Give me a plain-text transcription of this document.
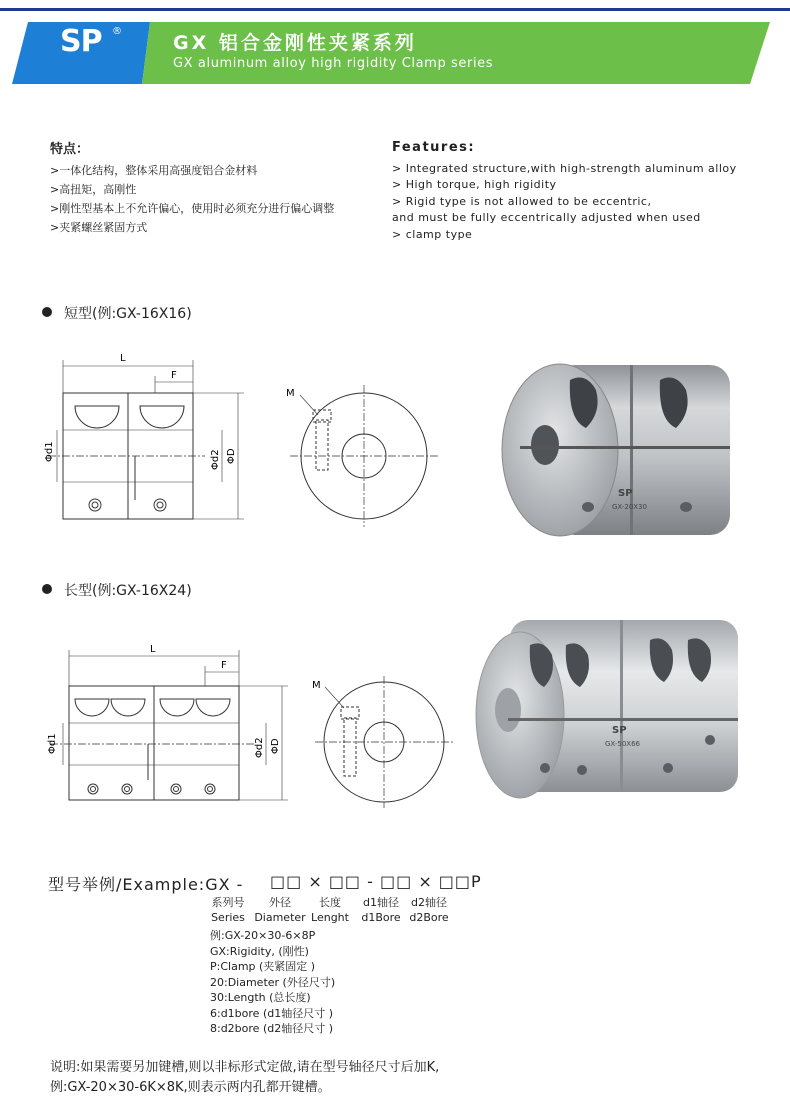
SP ®
GX 铝合金刚性夹紧系列
GX aluminum alloy high rigidity Clamp series
特点：
>一体化结构，整体采用高强度铝合金材料
>高扭矩，高刚性
>刚性型基本上不允许偏心，使用时必须充分进行偏心调整
>夹紧螺丝紧固方式
Features:
> Integrated structure,with high-strength aluminum alloy
> High torque, high rigidity
> Rigid type is not allowed to be eccentric,
and must be fully eccentrically adjusted when used
> clamp type
短型(例:GX-16X16)
长型(例:GX-16X24)
L
F
Φd1	Φd2 ΦD
M
SP
GX-20X30
L
F
Φd1	Φd2 ΦD
M
SP
GX-50X66
型号举例/Example:GX - □□ × □□ - □□ × □□P
系列号
Series
外径
Diameter
长度
Lenght
d1轴径
d1Bore
d2轴径
d2Bore
例:GX-20×30-6×8P
GX:Rigidity, (刚性)
P:Clamp (夹紧固定 )
20:Diameter (外径尺寸)
30:Length (总长度)
6:d1bore (d1轴径尺寸 )
8:d2bore (d2轴径尺寸 )
说明:如果需要另加键槽,则以非标形式定做,请在型号轴径尺寸后加K,
例:GX-20×30-6K×8K,则表示两内孔都开键槽。
